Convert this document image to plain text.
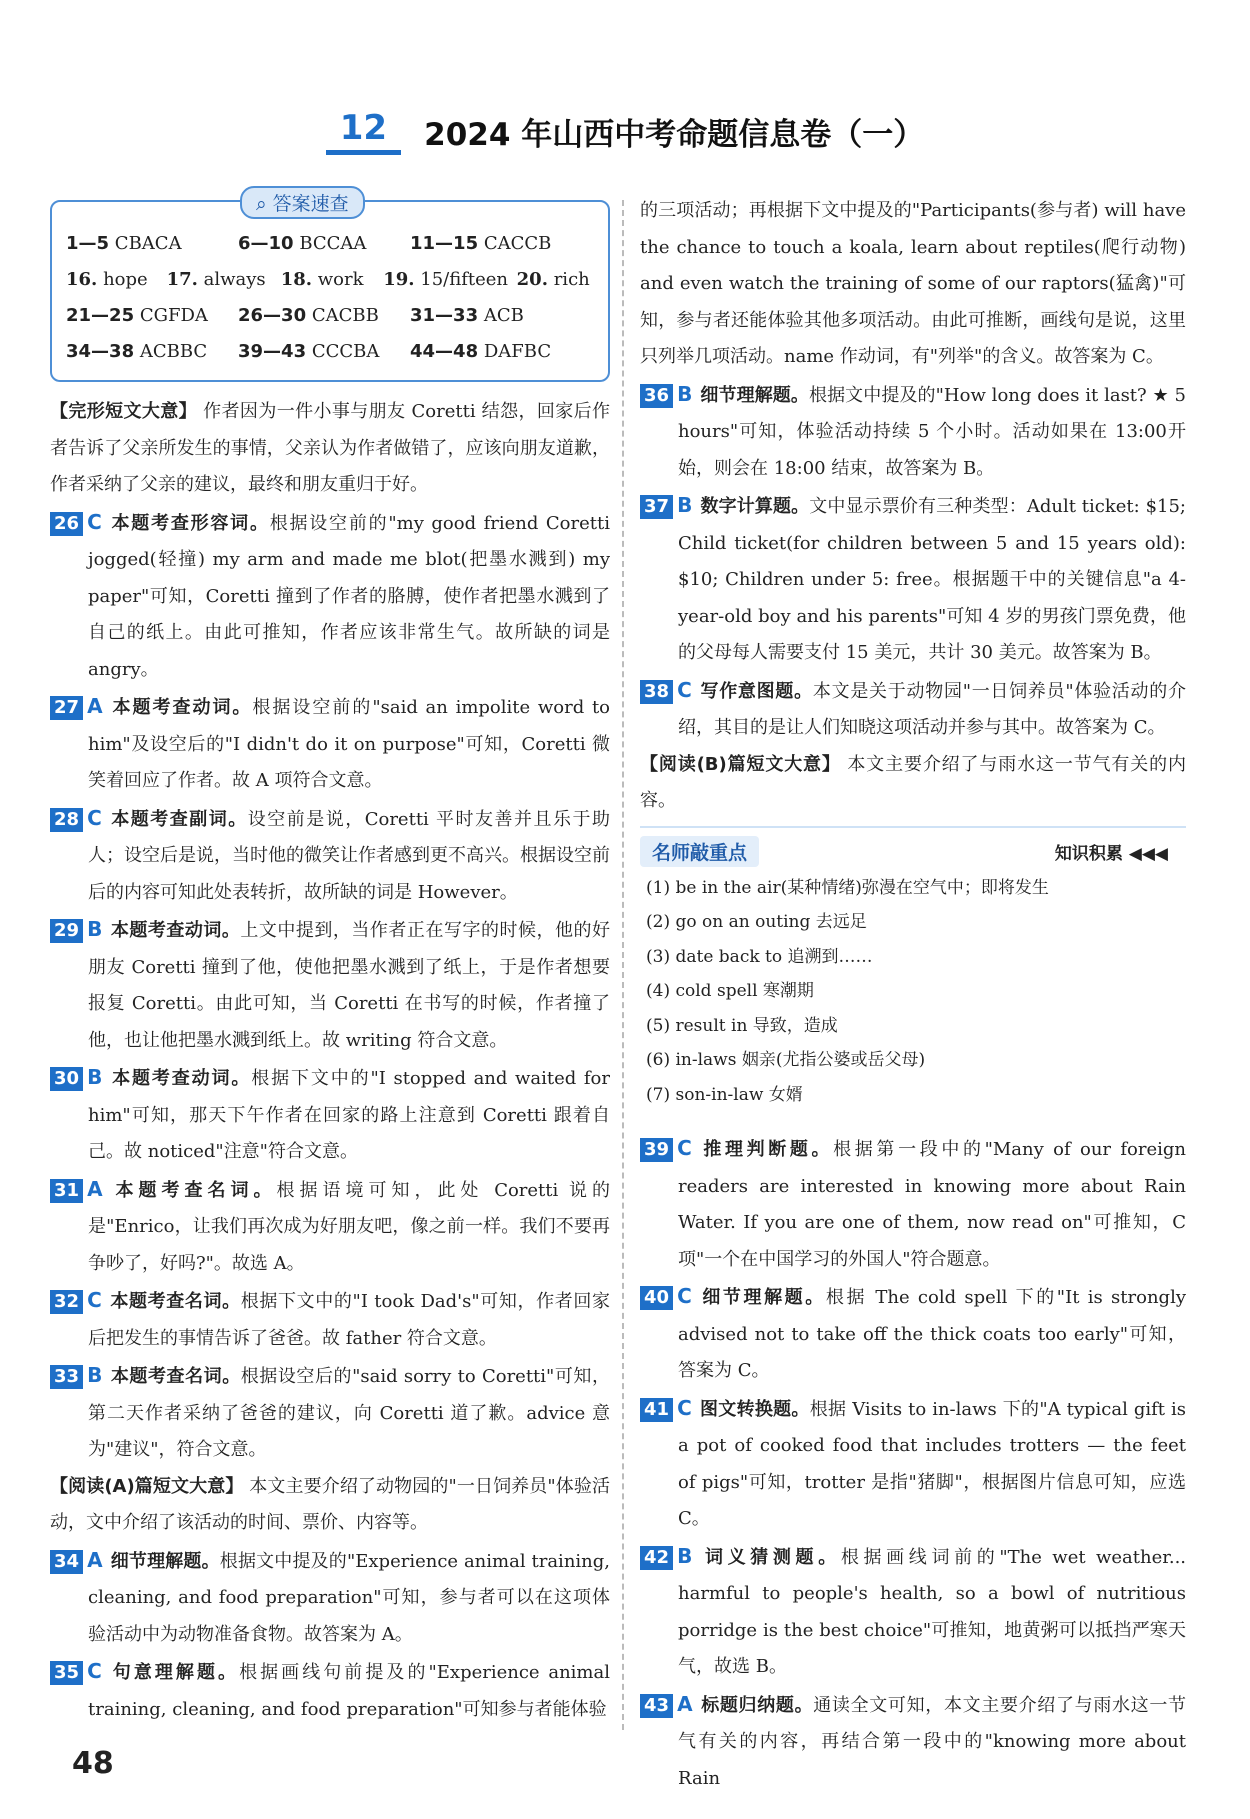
12 2024 年山西中考命题信息卷（一）
⌕ 答案速查
1—5 CBACA	6—10 BCCAA	11—15 CACCB
16. hope	17. always 18. work	19. 15/fifteen 20. rich
21—25 CGFDA	26—30 CACBB	31—33 ACB
34—38 ACBBC	39—43 CCCBA	44—48 DAFBC

【完形短文大意】 作者因为一件小事与朋友 Coretti 结怨，回家后作者告诉了父亲所发生的事情，父亲认为作者做错了，应该向朋友道歉，作者采纳了父亲的建议，最终和朋友重归于好。

26 C 本题考查形容词。根据设空前的"my good friend Coretti jogged(轻撞) my arm and made me blot(把墨水溅到) my paper"可知，Coretti 撞到了作者的胳膊，使作者把墨水溅到了自己的纸上。由此可推知，作者应该非常生气。故所缺的词是 angry。
27 A 本题考查动词。根据设空前的"said an impolite word to him"及设空后的"I didn't do it on purpose"可知，Coretti 微笑着回应了作者。故 A 项符合文意。
28 C 本题考查副词。设空前是说，Coretti 平时友善并且乐于助人；设空后是说，当时他的微笑让作者感到更不高兴。根据设空前后的内容可知此处表转折，故所缺的词是 However。
29 B 本题考查动词。上文中提到，当作者正在写字的时候，他的好朋友 Coretti 撞到了他，使他把墨水溅到了纸上，于是作者想要报复 Coretti。由此可知，当 Coretti 在书写的时候，作者撞了他，也让他把墨水溅到纸上。故 writing 符合文意。
30 B 本题考查动词。根据下文中的"I stopped and waited for him"可知，那天下午作者在回家的路上注意到 Coretti 跟着自己。故 noticed"注意"符合文意。
31 A 本题考查名词。根据语境可知，此处 Coretti 说的是"Enrico，让我们再次成为好朋友吧，像之前一样。我们不要再争吵了，好吗?"。故选 A。
32 C 本题考查名词。根据下文中的"I took Dad's"可知，作者回家后把发生的事情告诉了爸爸。故 father 符合文意。
33 B 本题考查名词。根据设空后的"said sorry to Coretti"可知，第二天作者采纳了爸爸的建议，向 Coretti 道了歉。advice 意为"建议"，符合文意。

【阅读(A)篇短文大意】 本文主要介绍了动物园的"一日饲养员"体验活动，文中介绍了该活动的时间、票价、内容等。

34 A 细节理解题。根据文中提及的"Experience animal training, cleaning, and food preparation"可知，参与者可以在这项体验活动中为动物准备食物。故答案为 A。
35 C 句意理解题。根据画线句前提及的"Experience animal training, cleaning, and food preparation"可知参与者能体验

的三项活动；再根据下文中提及的"Participants(参与者) will have the chance to touch a koala, learn about reptiles(爬行动物) and even watch the training of some of our raptors(猛禽)"可知，参与者还能体验其他多项活动。由此可推断，画线句是说，这里只列举几项活动。name 作动词，有"列举"的含义。故答案为 C。

36 B 细节理解题。根据文中提及的"How long does it last? ★ 5 hours"可知，体验活动持续 5 个小时。活动如果在 13:00开始，则会在 18:00 结束，故答案为 B。
37 B 数字计算题。文中显示票价有三种类型：Adult ticket: $15; Child ticket(for children between 5 and 15 years old): $10; Children under 5: free。根据题干中的关键信息"a 4-year-old boy and his parents"可知 4 岁的男孩门票免费，他的父母每人需要支付 15 美元，共计 30 美元。故答案为 B。
38 C 写作意图题。本文是关于动物园"一日饲养员"体验活动的介绍，其目的是让人们知晓这项活动并参与其中。故答案为 C。

【阅读(B)篇短文大意】 本文主要介绍了与雨水这一节气有关的内容。

名师敲重点	知识积累 ◀◀◀
(1) be in the air(某种情绪)弥漫在空气中；即将发生
(2) go on an outing 去远足
(3) date back to 追溯到……
(4) cold spell 寒潮期
(5) result in 导致，造成
(6) in-laws 姻亲(尤指公婆或岳父母)
(7) son-in-law 女婿
39 C 推理判断题。根据第一段中的"Many of our foreign readers are interested in knowing more about Rain Water. If you are one of them, now read on"可推知，C 项"一个在中国学习的外国人"符合题意。
40 C 细节理解题。根据 The cold spell 下的"It is strongly advised not to take off the thick coats too early"可知，答案为 C。
41 C 图文转换题。根据 Visits to in-laws 下的"A typical gift is a pot of cooked food that includes trotters — the feet of pigs"可知，trotter 是指"猪脚"，根据图片信息可知，应选 C。
42 B 词义猜测题。根据画线词前的"The wet weather... harmful to people's health, so a bowl of nutritious porridge is the best choice"可推知，地黄粥可以抵挡严寒天气，故选 B。
43 A 标题归纳题。通读全文可知，本文主要介绍了与雨水这一节气有关的内容，再结合第一段中的"knowing more about Rain
48
